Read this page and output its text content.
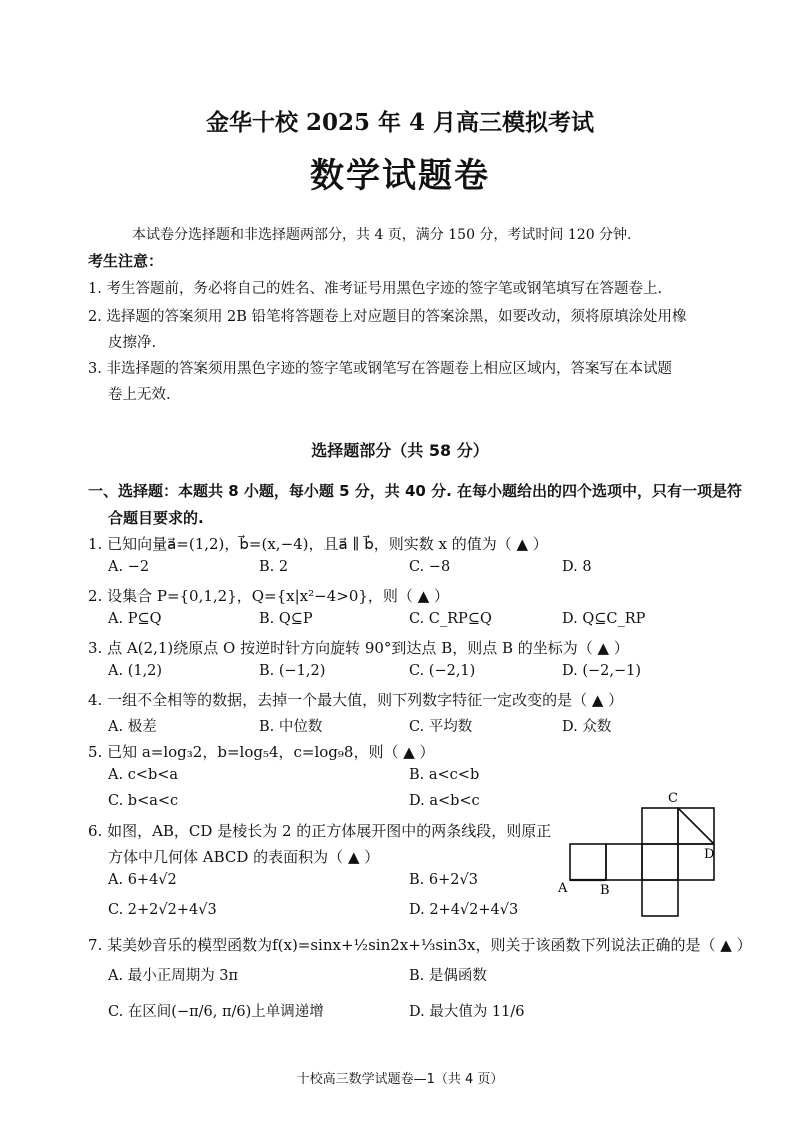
金华十校 2025 年 4 月高三模拟考试
数学试题卷
本试卷分选择题和非选择题两部分，共 4 页，满分 150 分，考试时间 120 分钟.
考生注意：
1. 考生答题前，务必将自己的姓名、准考证号用黑色字迹的签字笔或钢笔填写在答题卷上.
2. 选择题的答案须用 2B 铅笔将答题卷上对应题目的答案涂黑，如要改动，须将原填涂处用橡
皮擦净.
3. 非选择题的答案须用黑色字迹的签字笔或钢笔写在答题卷上相应区域内，答案写在本试题
卷上无效.
选择题部分（共 58 分）
一、选择题：本题共 8 小题，每小题 5 分，共 40 分. 在每小题给出的四个选项中，只有一项是符
合题目要求的.
1. 已知向量a⃗=(1,2)，b⃗=(x,−4)，且a⃗ ∥ b⃗，则实数 x 的值为（ ▲ ）
A. −2	B. 2	C. −8	D. 8
2. 设集合 P={0,1,2}，Q={x|x²−4>0}，则（ ▲ ）
A. P⊆Q	B. Q⊆P	C. C_RP⊆Q	D. Q⊆C_RP
3. 点 A(2,1)绕原点 O 按逆时针方向旋转 90°到达点 B，则点 B 的坐标为（ ▲ ）
A. (1,2)	B. (−1,2)	C. (−2,1)	D. (−2,−1)
4. 一组不全相等的数据，去掉一个最大值，则下列数字特征一定改变的是（ ▲ ）
A. 极差	B. 中位数	C. 平均数	D. 众数
5. 已知 a=log₃2，b=log₅4，c=log₉8，则（ ▲ ）
A. c<b<a	B. a<c<b
C. b<a<c	D. a<b<c
6. 如图，AB，CD 是棱长为 2 的正方体展开图中的两条线段，则原正
方体中几何体 ABCD 的表面积为（ ▲ ）
A. 6+4√2	B. 6+2√3
C. 2+2√2+4√3	D. 2+4√2+4√3
A	B
C
D
7. 某美妙音乐的模型函数为f(x)=sinx+½sin2x+⅓sin3x，则关于该函数下列说法正确的是（ ▲ ）
A. 最小正周期为 3π	B. 是偶函数
C. 在区间(−π/6, π/6)上单调递增	D. 最大值为 11/6
十校高三数学试题卷—1（共 4 页）
